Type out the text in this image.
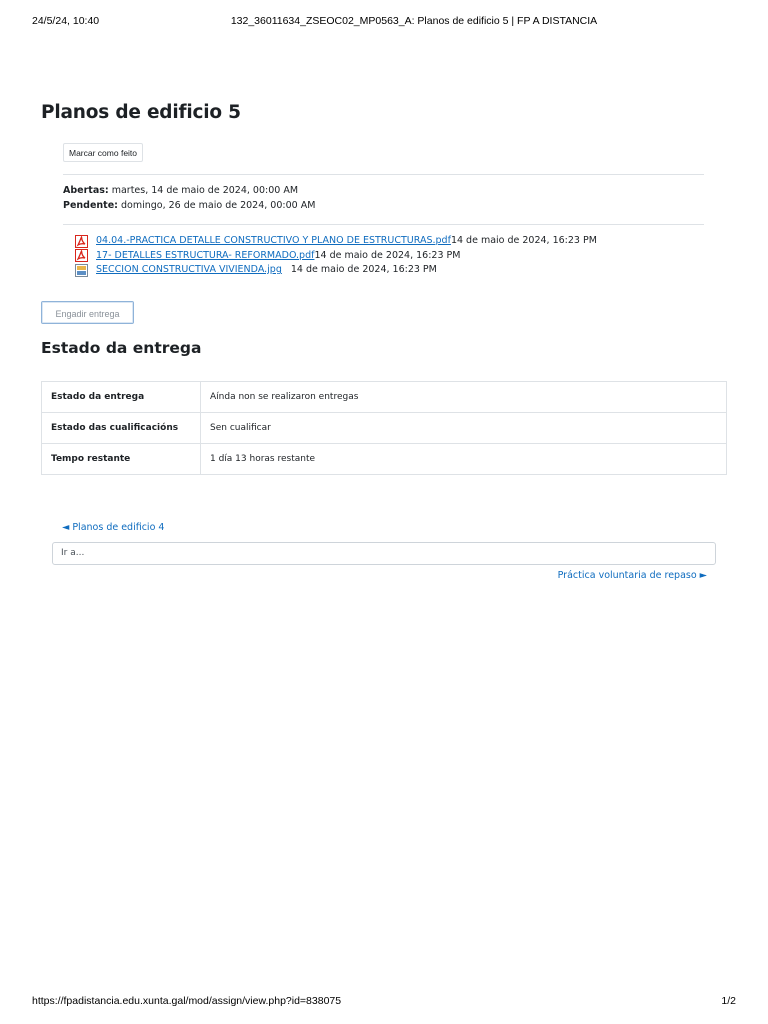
24/5/24, 10:40	132_36011634_ZSEOC02_MP0563_A: Planos de edificio 5 | FP A DISTANCIA
Planos de edificio 5
Marcar como feito
Abertas: martes, 14 de maio de 2024, 00:00 AM
Pendente: domingo, 26 de maio de 2024, 00:00 AM
04.04.-PRACTICA DETALLE CONSTRUCTIVO Y PLANO DE ESTRUCTURAS.pdf 14 de maio de 2024, 16:23 PM
17- DETALLES ESTRUCTURA- REFORMADO.pdf 14 de maio de 2024, 16:23 PM
SECCION CONSTRUCTIVA VIVIENDA.jpg 14 de maio de 2024, 16:23 PM
Engadir entrega
Estado da entrega
Estado da entrega	Aínda non se realizaron entregas
Estado das cualificacións	Sen cualificar
Tempo restante	1 día 13 horas restante
◄ Planos de edificio 4
Ir a...
Práctica voluntaria de repaso ►
https://fpadistancia.edu.xunta.gal/mod/assign/view.php?id=838075	1/2
